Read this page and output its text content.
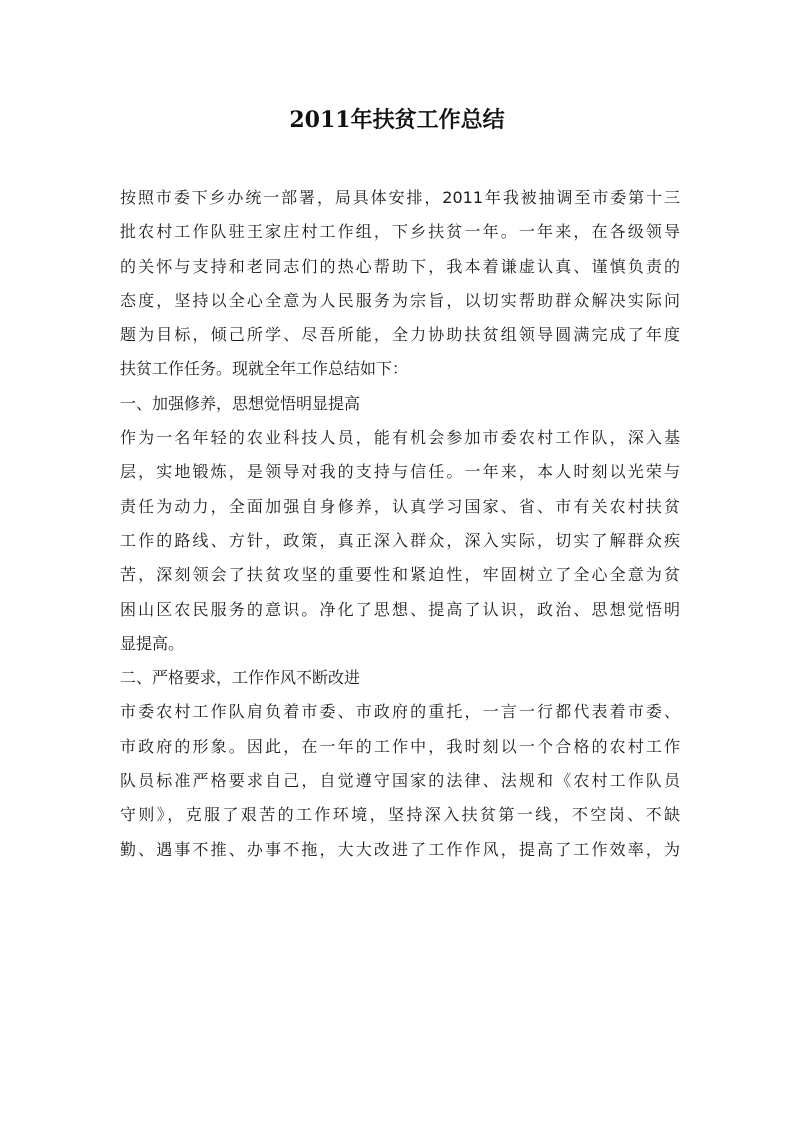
2011年扶贫工作总结
按照市委下乡办统一部署，局具体安排，2011年我被抽调至市委第十三
批农村工作队驻王家庄村工作组，下乡扶贫一年。一年来，在各级领导
的关怀与支持和老同志们的热心帮助下，我本着谦虚认真、谨慎负责的
态度，坚持以全心全意为人民服务为宗旨，以切实帮助群众解决实际问
题为目标，倾己所学、尽吾所能，全力协助扶贫组领导圆满完成了年度
扶贫工作任务。现就全年工作总结如下：
一、加强修养，思想觉悟明显提高
作为一名年轻的农业科技人员，能有机会参加市委农村工作队，深入基
层，实地锻炼，是领导对我的支持与信任。一年来，本人时刻以光荣与
责任为动力，全面加强自身修养，认真学习国家、省、市有关农村扶贫
工作的路线、方针，政策，真正深入群众，深入实际，切实了解群众疾
苦，深刻领会了扶贫攻坚的重要性和紧迫性，牢固树立了全心全意为贫
困山区农民服务的意识。净化了思想、提高了认识，政治、思想觉悟明
显提高。
二、严格要求，工作作风不断改进
市委农村工作队肩负着市委、市政府的重托，一言一行都代表着市委、
市政府的形象。因此，在一年的工作中，我时刻以一个合格的农村工作
队员标准严格要求自己，自觉遵守国家的法律、法规和《农村工作队员
守则》，克服了艰苦的工作环境，坚持深入扶贫第一线，不空岗、不缺
勤、遇事不推、办事不拖，大大改进了工作作风，提高了工作效率，为
